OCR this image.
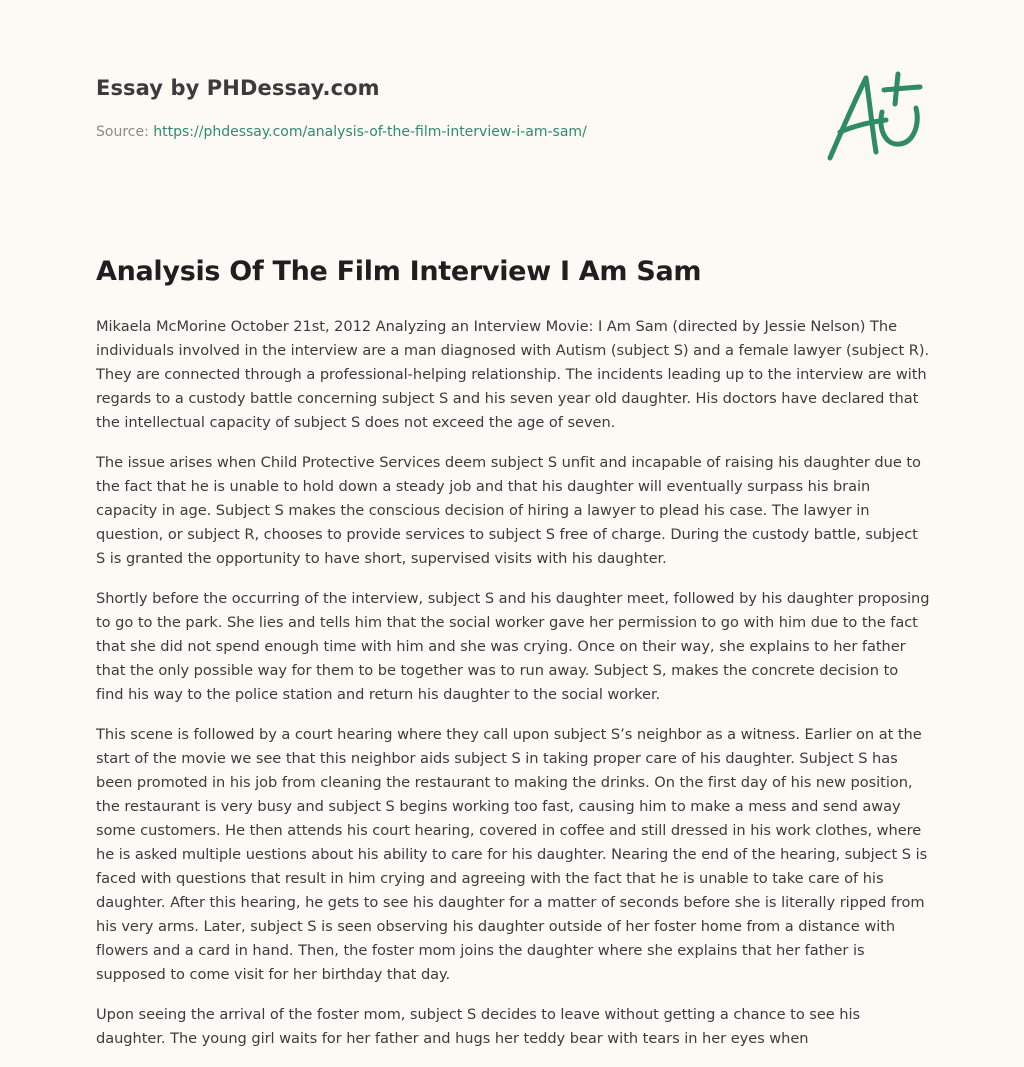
Essay by PHDessay.com
Source: https://phdessay.com/analysis-of-the-film-interview-i-am-sam/
Analysis Of The Film Interview I Am Sam

Mikaela McMorine October 21st, 2012 Analyzing an Interview Movie: I Am Sam (directed by Jessie Nelson) The individuals involved in the interview are a man diagnosed with Autism (subject S) and a female lawyer (subject R). They are connected through a professional-helping relationship. The incidents leading up to the interview are with regards to a custody battle concerning subject S and his seven year old daughter. His doctors have declared that the intellectual capacity of subject S does not exceed the age of seven.

The issue arises when Child Protective Services deem subject S unfit and incapable of raising his daughter due to the fact that he is unable to hold down a steady job and that his daughter will eventually surpass his brain capacity in age. Subject S makes the conscious decision of hiring a lawyer to plead his case. The lawyer in question, or subject R, chooses to provide services to subject S free of charge. During the custody battle, subject S is granted the opportunity to have short, supervised visits with his daughter.

Shortly before the occurring of the interview, subject S and his daughter meet, followed by his daughter proposing to go to the park. She lies and tells him that the social worker gave her permission to go with him due to the fact that she did not spend enough time with him and she was crying. Once on their way, she explains to her father that the only possible way for them to be together was to run away. Subject S, makes the concrete decision to find his way to the police station and return his daughter to the social worker.

This scene is followed by a court hearing where they call upon subject S’s neighbor as a witness. Earlier on at the start of the movie we see that this neighbor aids subject S in taking proper care of his daughter. Subject S has been promoted in his job from cleaning the restaurant to making the drinks. On the first day of his new position, the restaurant is very busy and subject S begins working too fast, causing him to make a mess and send away some customers. He then attends his court hearing, covered in coffee and still dressed in his work clothes, where he is asked multiple uestions about his ability to care for his daughter. Nearing the end of the hearing, subject S is faced with questions that result in him crying and agreeing with the fact that he is unable to take care of his daughter. After this hearing, he gets to see his daughter for a matter of seconds before she is literally ripped from his very arms. Later, subject S is seen observing his daughter outside of her foster home from a distance with flowers and a card in hand. Then, the foster mom joins the daughter where she explains that her father is supposed to come visit for her birthday that day.

Upon seeing the arrival of the foster mom, subject S decides to leave without getting a chance to see his daughter. The young girl waits for her father and hugs her teddy bear with tears in her eyes when
